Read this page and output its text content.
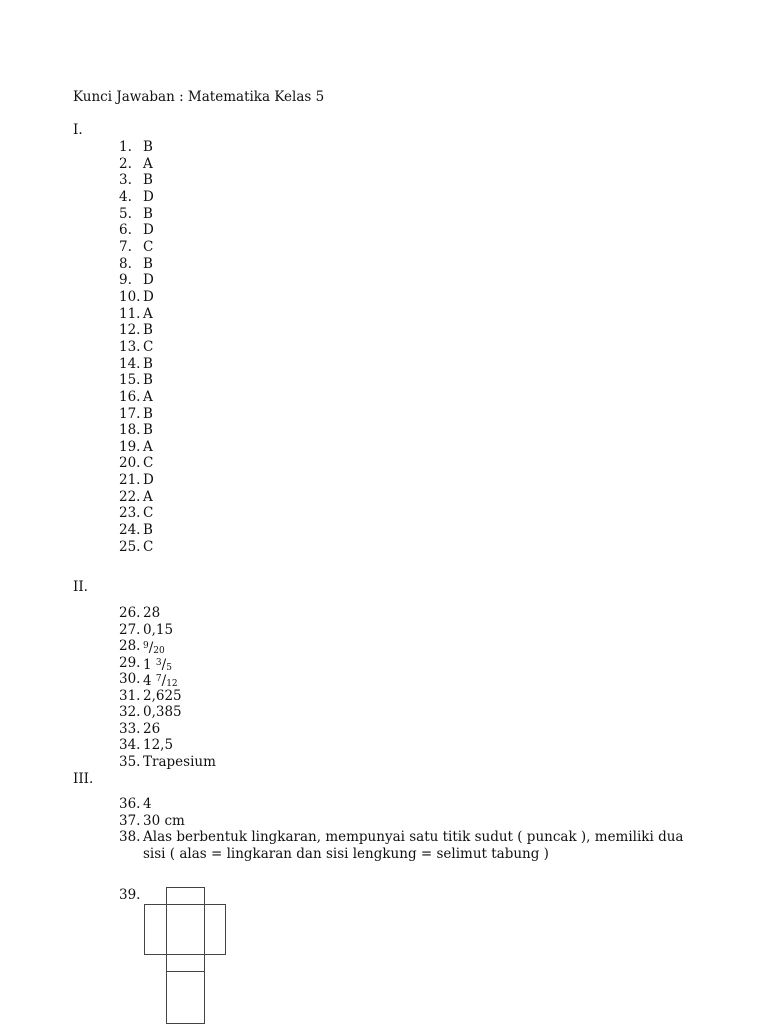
Kunci Jawaban : Matematika Kelas 5
I.
1. B
2. A
3. B
4. D
5. B
6. D
7. C
8. B
9. D
10. D
11. A
12. B
13. C
14. B
15. B
16. A
17. B
18. B
19. A
20. C
21. D
22. A
23. C
24. B
25. C
II.
26. 28
27. 0,15
28. $^9/_{20}$
29. 1 $^3/_5$
30. 4 $^7/_{12}$
31. 2,625
32. 0,385
33. 26
34. 12,5
35. Trapesium
III.
36. 4
37. 30 cm
38. Alas berbentuk lingkaran, mempunyai satu titik sudut ( puncak ), memiliki dua sisi ( alas = lingkaran dan sisi lengkung = selimut tabung )
39.
